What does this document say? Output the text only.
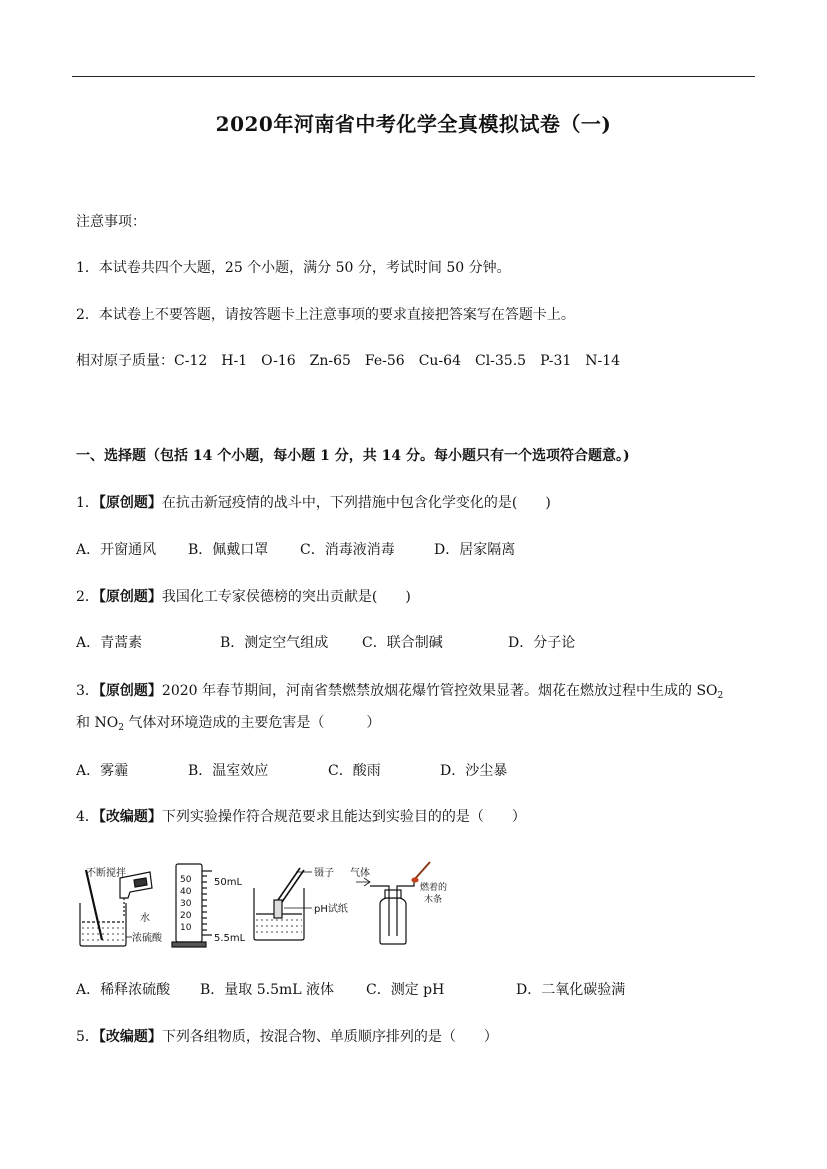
2020年河南省中考化学全真模拟试卷（一)
注意事项：
1．本试卷共四个大题，25 个小题，满分 50 分，考试时间 50 分钟。
2．本试卷上不要答题，请按答题卡上注意事项的要求直接把答案写在答题卡上。
相对原子质量：C-12　H-1　O-16　Zn-65　Fe-56　Cu-64　Cl-35.5　P-31　N-14
一、选择题（包括 14 个小题，每小题 1 分，共 14 分。每小题只有一个选项符合题意。)
1．【原创题】在抗击新冠疫情的战斗中，下列措施中包含化学变化的是(　　)
A．开窗通风 B．佩戴口罩 C．消毒液消毒	D．居家隔离
2．【原创题】我国化工专家侯德榜的突出贡献是(　　)
A．青蒿素	B．测定空气组成 C．联合制碱	D．分子论
3．【原创题】2020 年春节期间，河南省禁燃禁放烟花爆竹管控效果显著。烟花在燃放过程中生成的 $SO_2$
和 $NO_2$ 气体对环境造成的主要危害是（　　　）
A．雾霾	B．温室效应	C．酸雨	D．沙尘暴
4．【改编题】下列实验操作符合规范要求且能达到实验目的的是（　　）
不断搅拌
水
浓硫酸
50
40
30
20
10
50mL
5.5mL
镊子
pH试纸
气体
燃着的
木条
A．稀释浓硫酸 B．量取 5.5mL 液体 C．测定 pH	D．二氧化碳验满
5．【改编题】下列各组物质，按混合物、单质顺序排列的是（　　）
